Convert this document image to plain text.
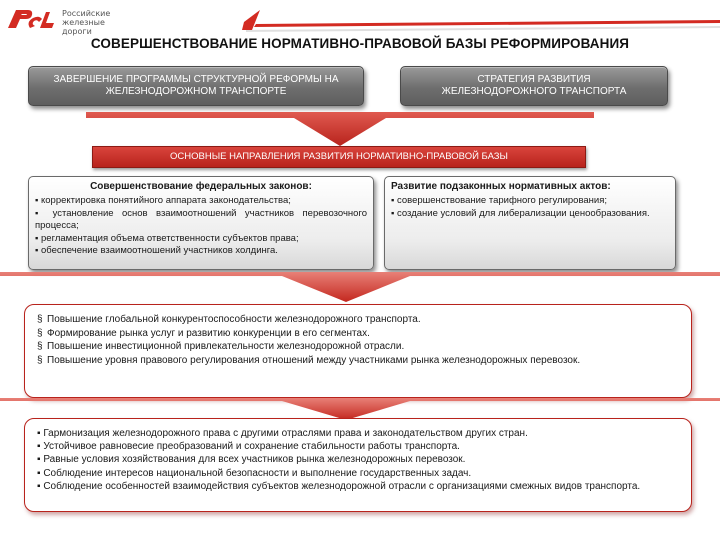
Российские
железные дороги
СОВЕРШЕНСТВОВАНИЕ НОРМАТИВНО-ПРАВОВОЙ БАЗЫ РЕФОРМИРОВАНИЯ
ЗАВЕРШЕНИЕ ПРОГРАММЫ СТРУКТУРНОЙ РЕФОРМЫ НА
ЖЕЛЕЗНОДОРОЖНОМ ТРАНСПОРТЕ
СТРАТЕГИЯ РАЗВИТИЯ
ЖЕЛЕЗНОДОРОЖНОГО ТРАНСПОРТА
ОСНОВНЫЕ НАПРАВЛЕНИЯ РАЗВИТИЯ НОРМАТИВНО-ПРАВОВОЙ БАЗЫ
Совершенствование федеральных законов:
▪ корректировка понятийного аппарата законодательства;
▪ установление основ взаимоотношений участников перевозочного процесса;
▪ регламентация объема ответственности субъектов права;
▪ обеспечение взаимоотношений участников холдинга.
Развитие подзаконных нормативных актов:
▪ совершенствование тарифного регулирования;
▪ создание условий для либерализации ценообразования.
§ Повышение глобальной конкурентоспособности железнодорожного транспорта.
§ Формирование рынка услуг и развитию конкуренции в его сегментах.
§ Повышение инвестиционной привлекательности железнодорожной отрасли.
§ Повышение уровня правового регулирования отношений между участниками рынка железнодорожных перевозок.
▪ Гармонизация железнодорожного права с другими отраслями права и законодательством других стран.
▪ Устойчивое равновесие преобразований и сохранение стабильности работы транспорта.
▪ Равные условия хозяйствования для всех участников рынка железнодорожных перевозок.
▪ Соблюдение интересов национальной безопасности и выполнение государственных задач.
▪ Соблюдение особенностей взаимодействия субъектов железнодорожной отрасли с организациями смежных видов транспорта.
